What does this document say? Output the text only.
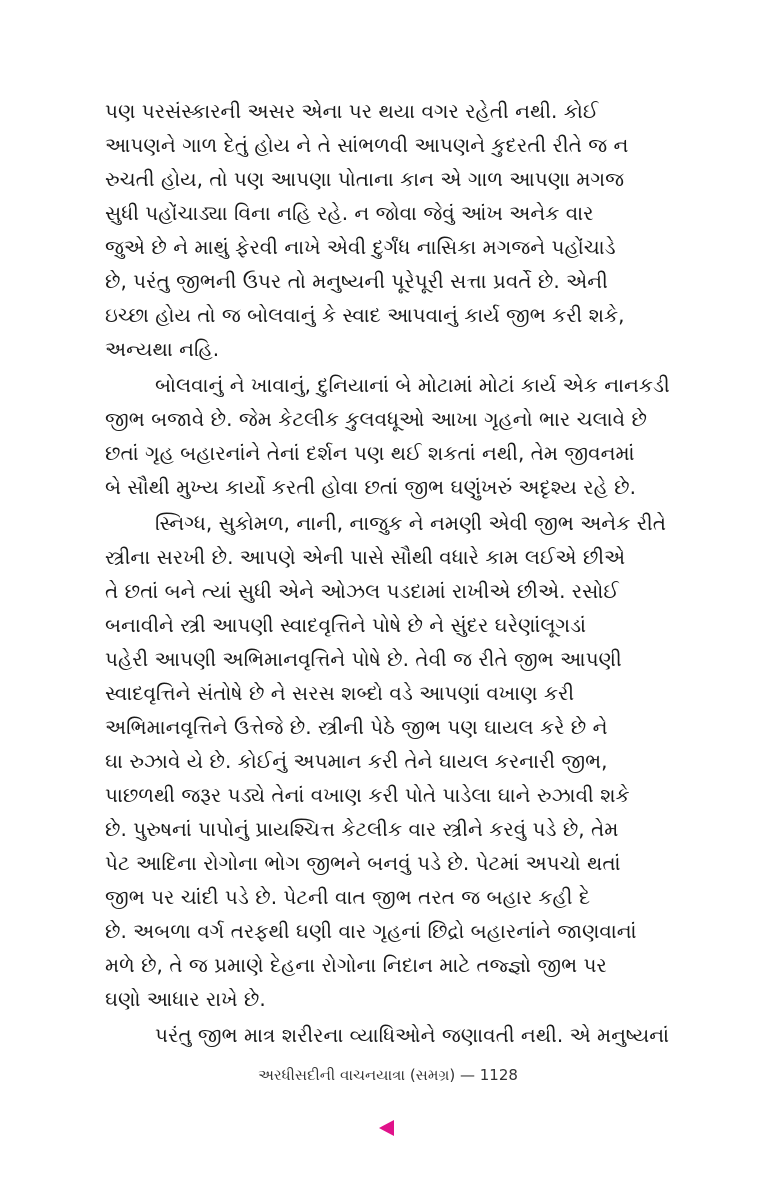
પણ પરસંસ્કારની અસર એના પર થયા વગર રહેતી નથી. કોઈ
આપણને ગાળ દેતું હોય ને તે સાંભળવી આપણને કુદરતી રીતે જ ન
રુચતી હોય, તો પણ આપણા પોતાના કાન એ ગાળ આપણા મગજ
સુધી પહોંચાડ્યા વિના નહિ રહે. ન જોવા જેવું આંખ અનેક વાર
જુએ છે ને માથું ફેરવી નાખે એવી દુર્ગંધ નાસિકા મગજને પહોંચાડે
છે, પરંતુ જીભની ઉપર તો મનુષ્યની પૂરેપૂરી સત્તા પ્રવર્તે છે. એની
ઇચ્છા હોય તો જ બોલવાનું કે સ્વાદ આપવાનું કાર્ય જીભ કરી શકે,
અન્યથા નહિ.
બોલવાનું ને ખાવાનું, દુનિયાનાં બે મોટામાં મોટાં કાર્ય એક નાનકડી
જીભ બજાવે છે. જેમ કેટલીક કુલવધૂઓ આખા ગૃહનો ભાર ચલાવે છે
છતાં ગૃહ બહારનાંને તેનાં દર્શન પણ થઈ શકતાં નથી, તેમ જીવનમાં
બે સૌથી મુખ્ય કાર્યો કરતી હોવા છતાં જીભ ઘણુંખરું અદૃશ્ય રહે છે.
સ્નિગ્ધ, સુકોમળ, નાની, નાજુક ને નમણી એવી જીભ અનેક રીતે
સ્ત્રીના સરખી છે. આપણે એની પાસે સૌથી વધારે કામ લઈએ છીએ
તે છતાં બને ત્યાં સુધી એને ઓઝલ પડદામાં રાખીએ છીએ. રસોઈ
બનાવીને સ્ત્રી આપણી સ્વાદવૃત્તિને પોષે છે ને સુંદર ઘરેણાંલૂગડાં
પહેરી આપણી અભિમાનવૃત્તિને પોષે છે. તેવી જ રીતે જીભ આપણી
સ્વાદવૃત્તિને સંતોષે છે ને સરસ શબ્દો વડે આપણાં વખાણ કરી
અભિમાનવૃત્તિને ઉત્તેજે છે. સ્ત્રીની પેઠે જીભ પણ ઘાયલ કરે છે ને
ઘા રુઝાવે યે છે. કોઈનું અપમાન કરી તેને ઘાયલ કરનારી જીભ,
પાછળથી જરૂર પડ્યે તેનાં વખાણ કરી પોતે પાડેલા ઘાને રુઝાવી શકે
છે. પુરુષનાં પાપોનું પ્રાયશ્ચિત્ત કેટલીક વાર સ્ત્રીને કરવું પડે છે, તેમ
પેટ આદિના રોગોના ભોગ જીભને બનવું પડે છે. પેટમાં અપચો થતાં
જીભ પર ચાંદી પડે છે. પેટની વાત જીભ તરત જ બહાર કહી દે
છે. અબળા વર્ગ તરફથી ઘણી વાર ગૃહનાં છિદ્રો બહારનાંને જાણવાનાં
મળે છે, તે જ પ્રમાણે દેહના રોગોના નિદાન માટે તજ્જ્ઞો જીભ પર
ઘણો આધાર રાખે છે.
પરંતુ જીભ માત્ર શરીરના વ્યાધિઓને જણાવતી નથી. એ મનુષ્યનાં
અરધીસદીની વાચનયાત્રા (સમગ્ર) — 1128
